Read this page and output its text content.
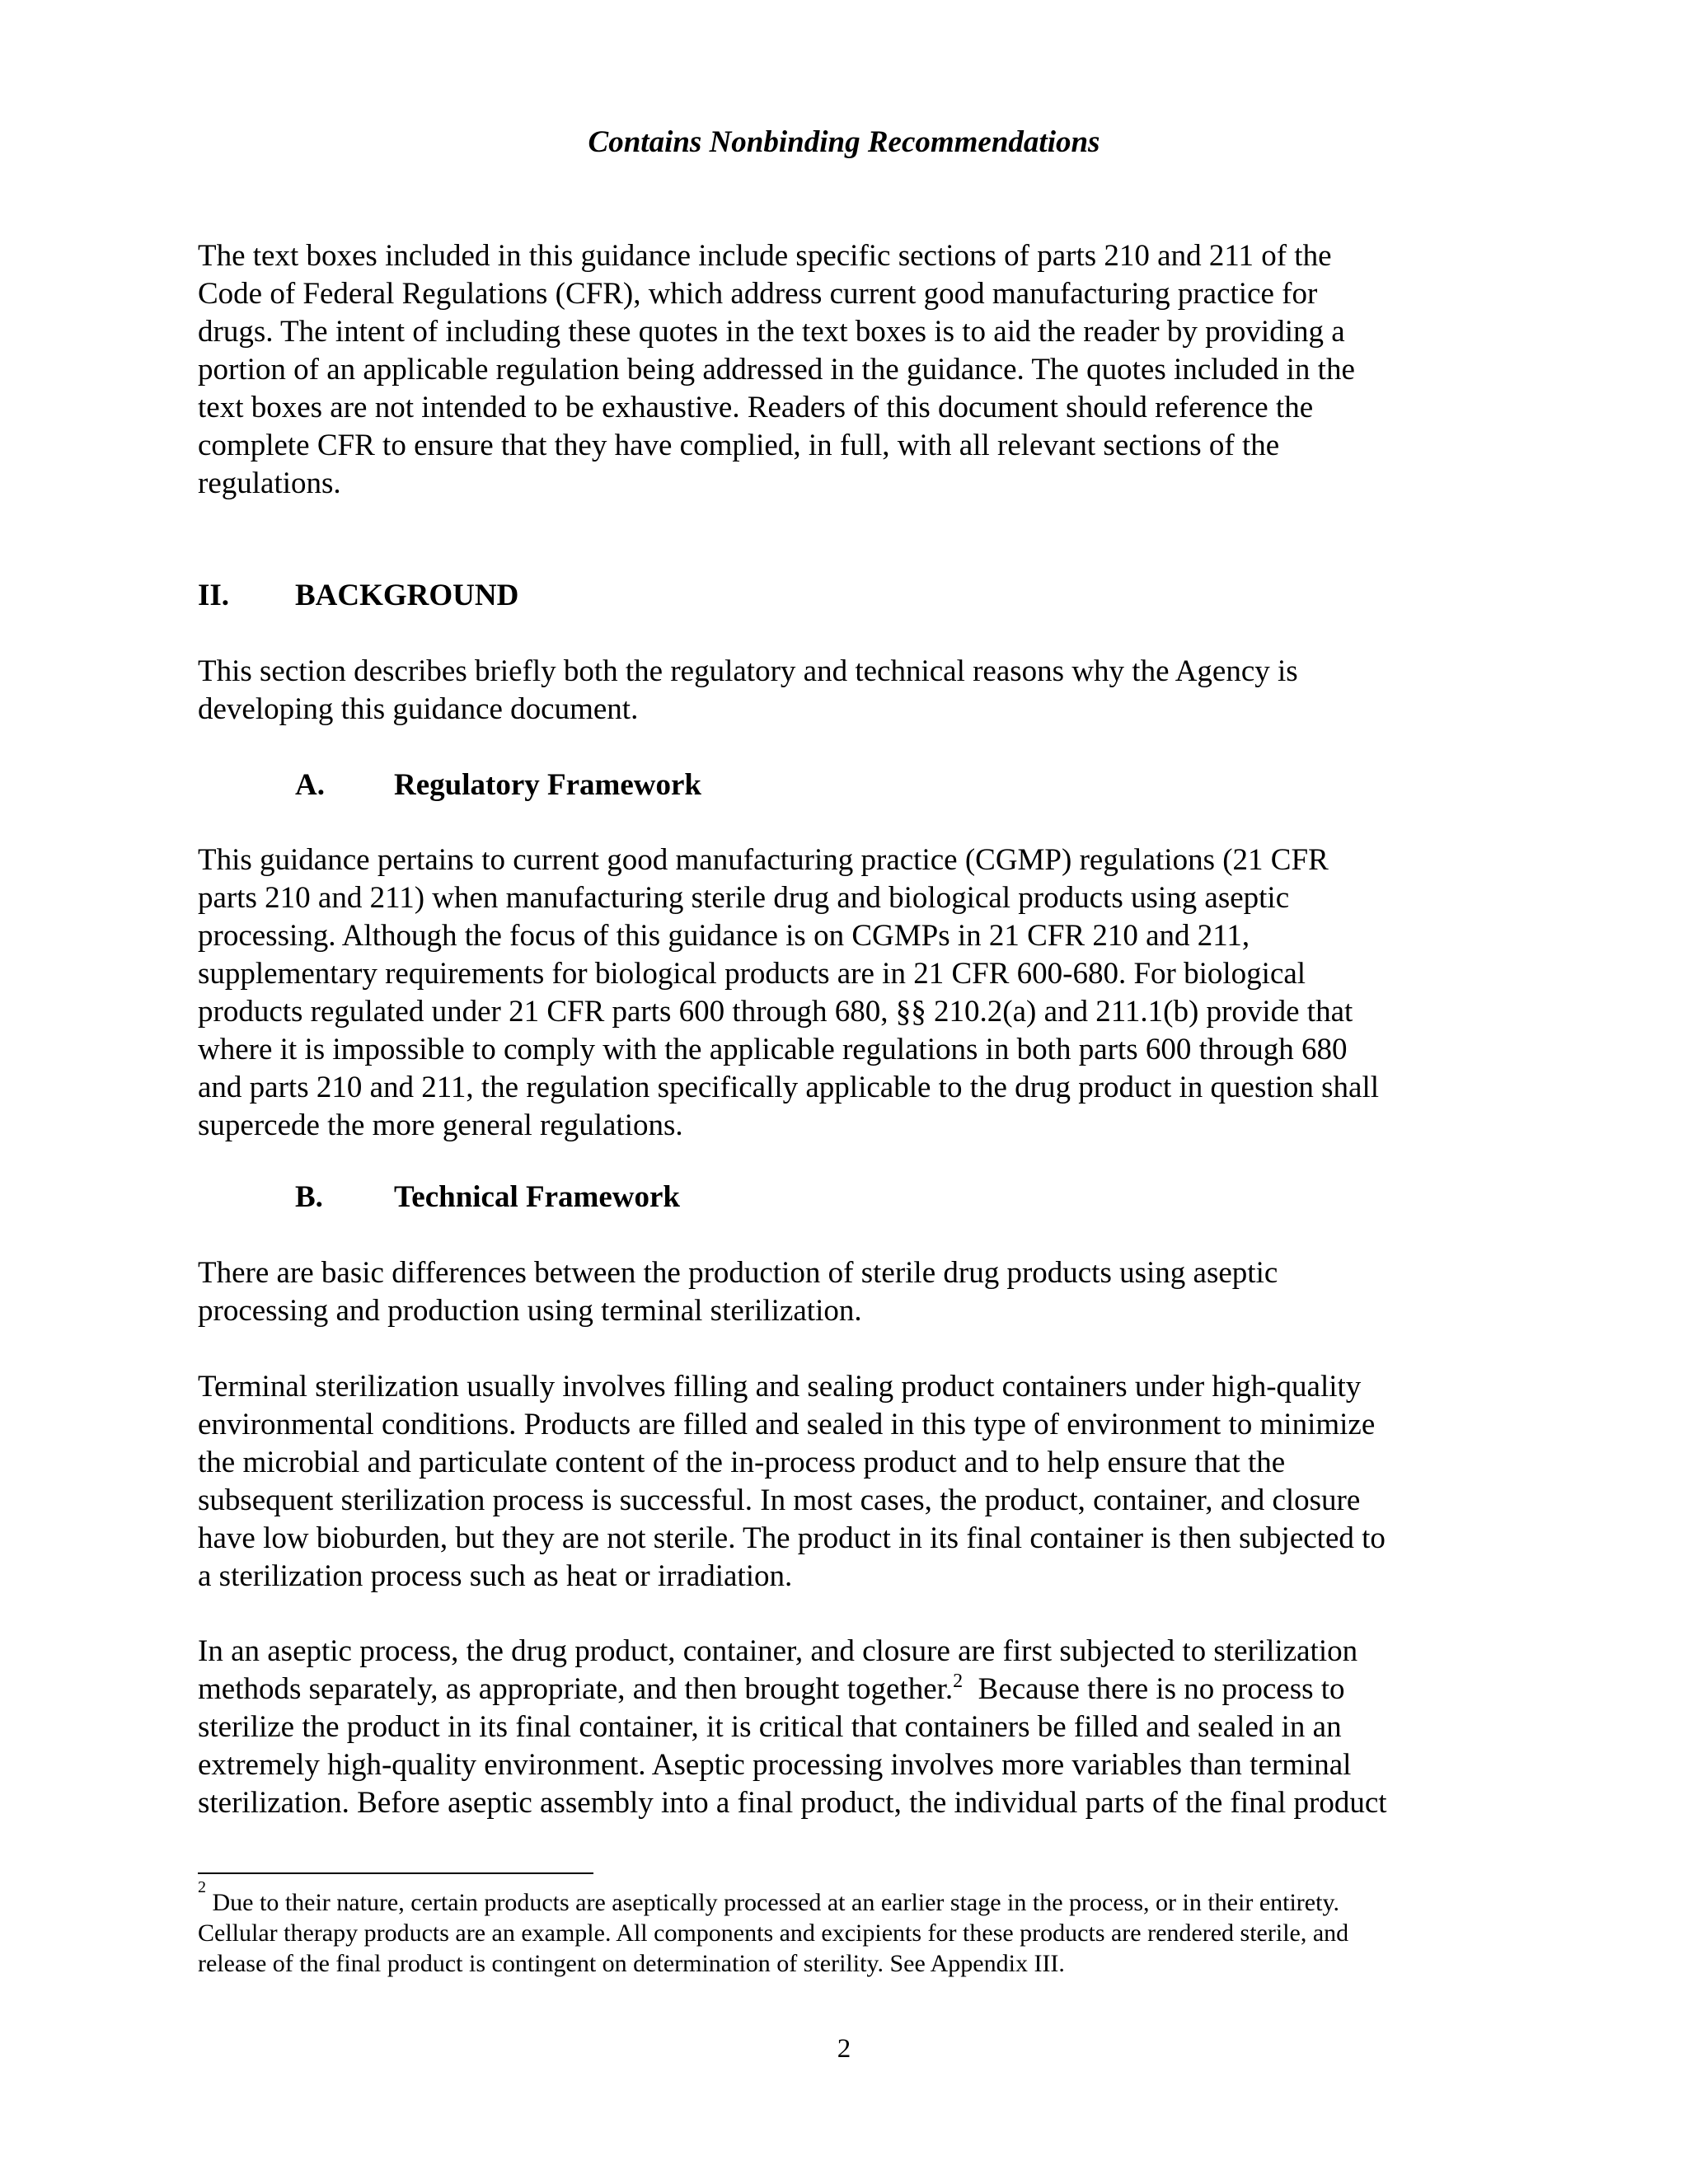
Contains Nonbinding Recommendations
The text boxes included in this guidance include specific sections of parts 210 and 211 of the
Code of Federal Regulations (CFR), which address current good manufacturing practice for
drugs. The intent of including these quotes in the text boxes is to aid the reader by providing a
portion of an applicable regulation being addressed in the guidance. The quotes included in the
text boxes are not intended to be exhaustive. Readers of this document should reference the
complete CFR to ensure that they have complied, in full, with all relevant sections of the
regulations.
II. BACKGROUND
This section describes briefly both the regulatory and technical reasons why the Agency is
developing this guidance document.
A. Regulatory Framework
This guidance pertains to current good manufacturing practice (CGMP) regulations (21 CFR
parts 210 and 211) when manufacturing sterile drug and biological products using aseptic
processing. Although the focus of this guidance is on CGMPs in 21 CFR 210 and 211,
supplementary requirements for biological products are in 21 CFR 600-680. For biological
products regulated under 21 CFR parts 600 through 680, §§ 210.2(a) and 211.1(b) provide that
where it is impossible to comply with the applicable regulations in both parts 600 through 680
and parts 210 and 211, the regulation specifically applicable to the drug product in question shall
supercede the more general regulations.
B. Technical Framework
There are basic differences between the production of sterile drug products using aseptic
processing and production using terminal sterilization.
Terminal sterilization usually involves filling and sealing product containers under high-quality
environmental conditions. Products are filled and sealed in this type of environment to minimize
the microbial and particulate content of the in-process product and to help ensure that the
subsequent sterilization process is successful. In most cases, the product, container, and closure
have low bioburden, but they are not sterile. The product in its final container is then subjected to
a sterilization process such as heat or irradiation.
In an aseptic process, the drug product, container, and closure are first subjected to sterilization
methods separately, as appropriate, and then brought together.$^2$  Because there is no process to
sterilize the product in its final container, it is critical that containers be filled and sealed in an
extremely high-quality environment. Aseptic processing involves more variables than terminal
sterilization. Before aseptic assembly into a final product, the individual parts of the final product
$^2$ Due to their nature, certain products are aseptically processed at an earlier stage in the process, or in their entirety.
Cellular therapy products are an example. All components and excipients for these products are rendered sterile, and
release of the final product is contingent on determination of sterility. See Appendix III.
2
